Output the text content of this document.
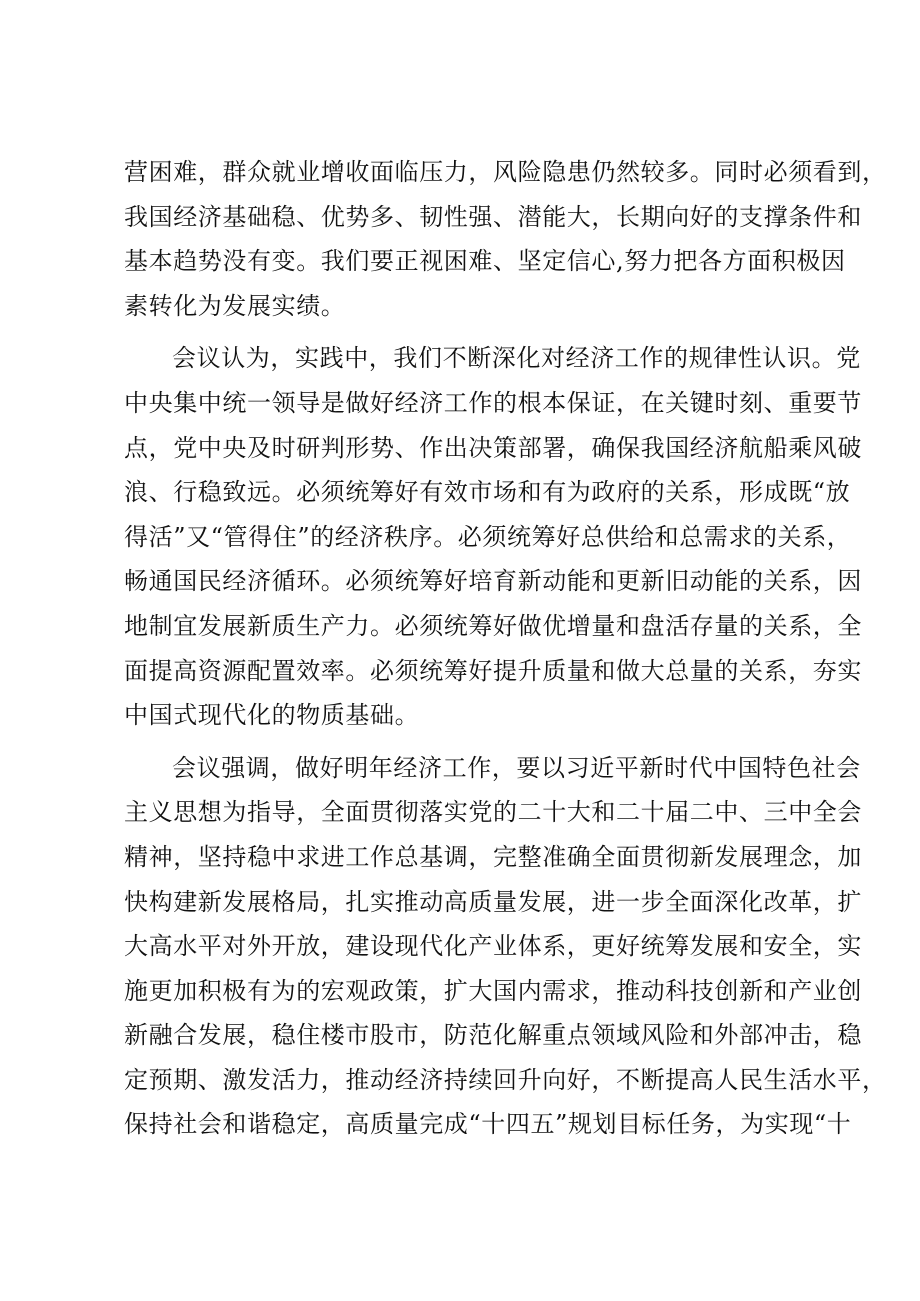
营困难，群众就业增收面临压力，风险隐患仍然较多。同时必须看到，
我国经济基础稳、优势多、韧性强、潜能大，长期向好的支撑条件和
基本趋势没有变。我们要正视困难、坚定信心,努力把各方面积极因
素转化为发展实绩。
会议认为，实践中，我们不断深化对经济工作的规律性认识。党
中央集中统一领导是做好经济工作的根本保证，在关键时刻、重要节
点，党中央及时研判形势、作出决策部署，确保我国经济航船乘风破
浪、行稳致远。必须统筹好有效市场和有为政府的关系，形成既“放
得活”又“管得住”的经济秩序。必须统筹好总供给和总需求的关系，
畅通国民经济循环。必须统筹好培育新动能和更新旧动能的关系，因
地制宜发展新质生产力。必须统筹好做优增量和盘活存量的关系，全
面提高资源配置效率。必须统筹好提升质量和做大总量的关系，夯实
中国式现代化的物质基础。
会议强调，做好明年经济工作，要以习近平新时代中国特色社会
主义思想为指导，全面贯彻落实党的二十大和二十届二中、三中全会
精神，坚持稳中求进工作总基调，完整准确全面贯彻新发展理念，加
快构建新发展格局，扎实推动高质量发展，进一步全面深化改革，扩
大高水平对外开放，建设现代化产业体系，更好统筹发展和安全，实
施更加积极有为的宏观政策，扩大国内需求，推动科技创新和产业创
新融合发展，稳住楼市股市，防范化解重点领域风险和外部冲击，稳
定预期、激发活力，推动经济持续回升向好，不断提高人民生活水平，
保持社会和谐稳定，高质量完成“十四五”规划目标任务，为实现“十
